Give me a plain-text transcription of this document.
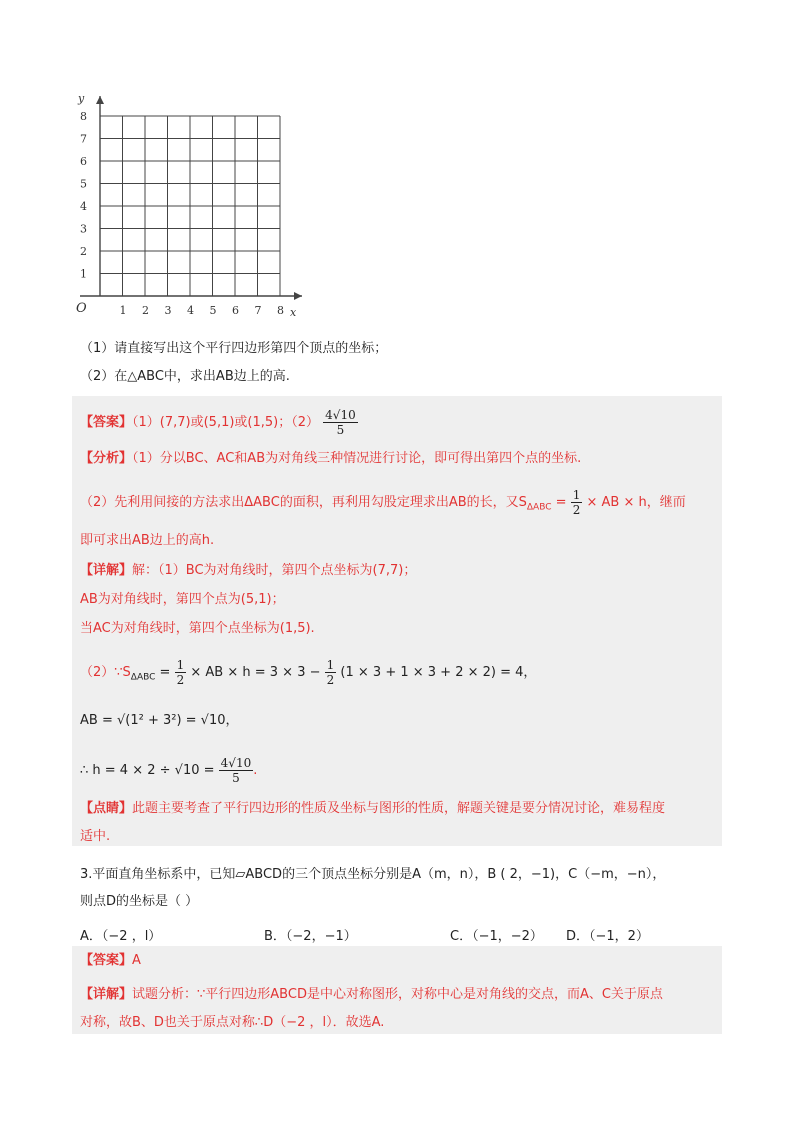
1 2 3 4 5 6 7 8
1
2
3
4
5
6
7
8
O	x
y
（1）请直接写出这个平行四边形第四个顶点的坐标；
（2）在△ABC中，求出AB边上的高.
【答案】（1）(7,7)或(5,1)或(1,5)；$(2) \frac{4√10}{5}$
【分析】（1）分以BC、AC和AB为对角线三种情况进行讨论，即可得出第四个点的坐标.
（2）先利用间接的方法求出ΔABC的面积，再利用勾股定理求出AB的长，又$S_{\Delta ABC} = \frac{1}{2}$ × AB × h，继而
即可求出AB边上的高h.
【详解】解：（1）BC为对角线时，第四个点坐标为(7,7)；
AB为对角线时，第四个点为(5,1)；
当AC为对角线时，第四个点坐标为(1,5).
$(2)\because S_{\Delta ABC} = \frac{1}{2}$ × AB × $h = 3 \times 3 - \frac{1}{2} (1 \times 3 + 1 \times 3 + 2 \times 2) = 4$，
AB = √(1² + 3²) = √10，
∴ $h = 4 \times 2 \div √10 = \frac{4√10}{5}$ .
【点睛】此题主要考查了平行四边形的性质及坐标与图形的性质，解题关键是要分情况讨论，难易程度
适中.
3.平面直角坐标系中，已知▱ABCD的三个顶点坐标分别是A（m，n），B ( 2，−1)，C（−m，−n），
则点D的坐标是（ ）
A．（−2 ，l）	B．（−2，−1）	C．（−1，−2） D．（−1，2）
【答案】A
【详解】试题分析：∵平行四边形ABCD是中心对称图形，对称中心是对角线的交点，而A、C关于原点
对称，故B、D也关于原点对称∴D（−2 ，l）．故选A.
